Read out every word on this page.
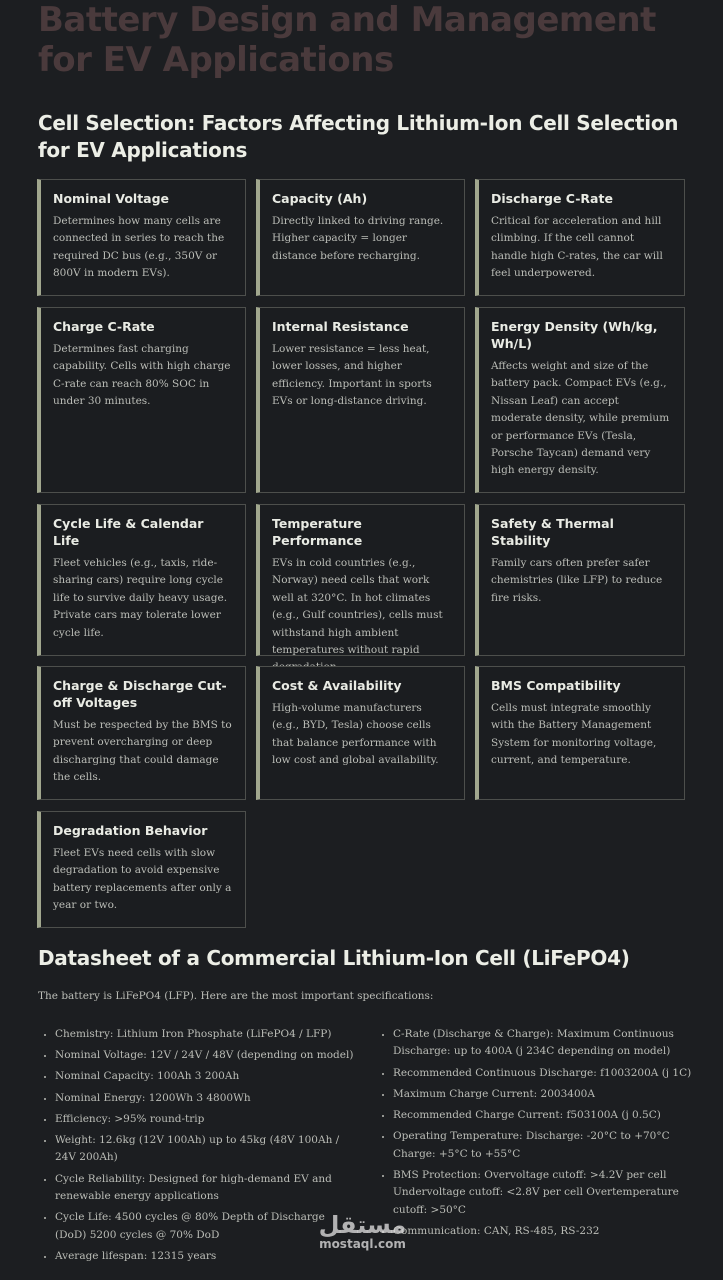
Battery Design and Management for EV Applications
Cell Selection: Factors Affecting Lithium-Ion Cell Selection for EV Applications
Nominal Voltage

Determines how many cells are connected in series to reach the required DC bus (e.g., 350V or 800V in modern EVs).

Capacity (Ah)

Directly linked to driving range. Higher capacity = longer distance before recharging.

Discharge C-Rate

Critical for acceleration and hill climbing. If the cell cannot handle high C-rates, the car will feel underpowered.

Charge C-Rate

Determines fast charging capability. Cells with high charge C-rate can reach 80% SOC in under 30 minutes.

Internal Resistance

Lower resistance = less heat, lower losses, and higher efficiency. Important in sports EVs or long-distance driving.

Energy Density (Wh/kg, Wh/L)

Affects weight and size of the battery pack. Compact EVs (e.g., Nissan Leaf) can accept moderate density, while premium or performance EVs (Tesla, Porsche Taycan) demand very high energy density.

Cycle Life & Calendar Life

Fleet vehicles (e.g., taxis, ride-sharing cars) require long cycle life to survive daily heavy usage. Private cars may tolerate lower cycle life.

Temperature Performance

EVs in cold countries (e.g., Norway) need cells that work well at 320°C. In hot climates (e.g., Gulf countries), cells must withstand high ambient temperatures without rapid

Safety & Thermal Stability

Family cars often prefer safer chemistries (like LFP) to reduce fire risks.

Charge & Discharge Cut-off Voltages

Must be respected by the BMS to prevent overcharging or deep discharging that could damage the cells.

Cost & Availability

High-volume manufacturers (e.g., BYD, Tesla) choose cells that balance performance with low cost and global availability.

BMS Compatibility

Cells must integrate smoothly with the Battery Management System for monitoring voltage, current, and temperature.

Degradation Behavior

Fleet EVs need cells with slow degradation to avoid expensive battery replacements after only a year or two.

Datasheet of a Commercial Lithium-Ion Cell (LiFePO4)

The battery is LiFePO4 (LFP). Here are the most important specifications:

• Chemistry: Lithium Iron Phosphate (LiFePO4 / LFP)
• Nominal Voltage: 12V / 24V / 48V (depending on model)
• Nominal Capacity: 100Ah 3 200Ah
• Nominal Energy: 1200Wh 3 4800Wh
• Efficiency: >95% round-trip
• Weight: 12.6kg (12V 100Ah) up to 45kg (48V 100Ah / 24V 200Ah)
• Cycle Reliability: Designed for high-demand EV and renewable energy applications
• Cycle Life: 4500 cycles @ 80% Depth of Discharge (DoD) 5200 cycles @ 70% DoD
• Average lifespan: 12315 years
• C-Rate (Discharge & Charge): Maximum Continuous Discharge: up to 400A (j 234C depending on model)
• Recommended Continuous Discharge: f1003200A (j 1C)
• Maximum Charge Current: 2003400A
• Recommended Charge Current: f503100A (j 0.5C)
• Operating Temperature: Discharge: -20°C to +70°C Charge: +5°C to +55°C
• BMS Protection: Overvoltage cutoff: >4.2V per cell Undervoltage cutoff: <2.8V per cell Overtemperature cutoff: >50°C
• Communication: CAN, RS-485, RS-232
مستقل
mostaql.com
